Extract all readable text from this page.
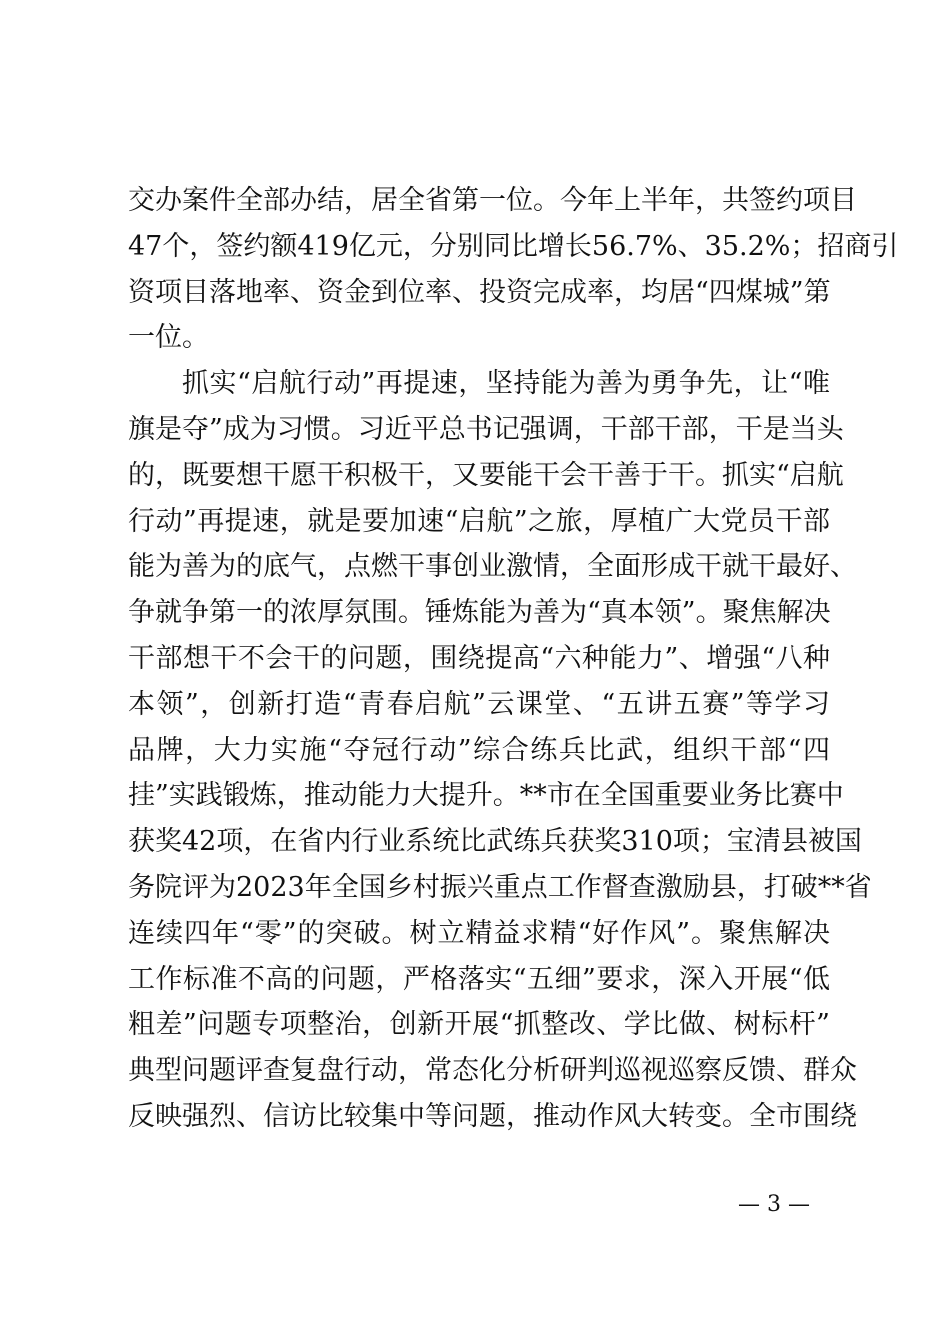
交办案件全部办结，居全省第一位。今年上半年，共签约项目
47个，签约额419亿元，分别同比增长56.7%、35.2%；招商引
资项目落地率、资金到位率、投资完成率，均居“四煤城”第
一位。
抓实“启航行动”再提速，坚持能为善为勇争先，让“唯
旗是夺”成为习惯。习近平总书记强调，干部干部，干是当头
的，既要想干愿干积极干，又要能干会干善于干。抓实“启航
行动”再提速，就是要加速“启航”之旅，厚植广大党员干部
能为善为的底气，点燃干事创业激情，全面形成干就干最好、
争就争第一的浓厚氛围。锤炼能为善为“真本领”。聚焦解决
干部想干不会干的问题，围绕提高“六种能力”、增强“八种
本领”，创新打造“青春启航”云课堂、“五讲五赛”等学习
品牌，大力实施“夺冠行动”综合练兵比武，组织干部“四
挂”实践锻炼，推动能力大提升。**市在全国重要业务比赛中
获奖42项，在省内行业系统比武练兵获奖310项；宝清县被国
务院评为2023年全国乡村振兴重点工作督查激励县，打破**省
连续四年“零”的突破。树立精益求精“好作风”。聚焦解决
工作标准不高的问题，严格落实“五细”要求，深入开展“低
粗差”问题专项整治，创新开展“抓整改、学比做、树标杆”
典型问题评查复盘行动，常态化分析研判巡视巡察反馈、群众
反映强烈、信访比较集中等问题，推动作风大转变。全市围绕
— 3 —
